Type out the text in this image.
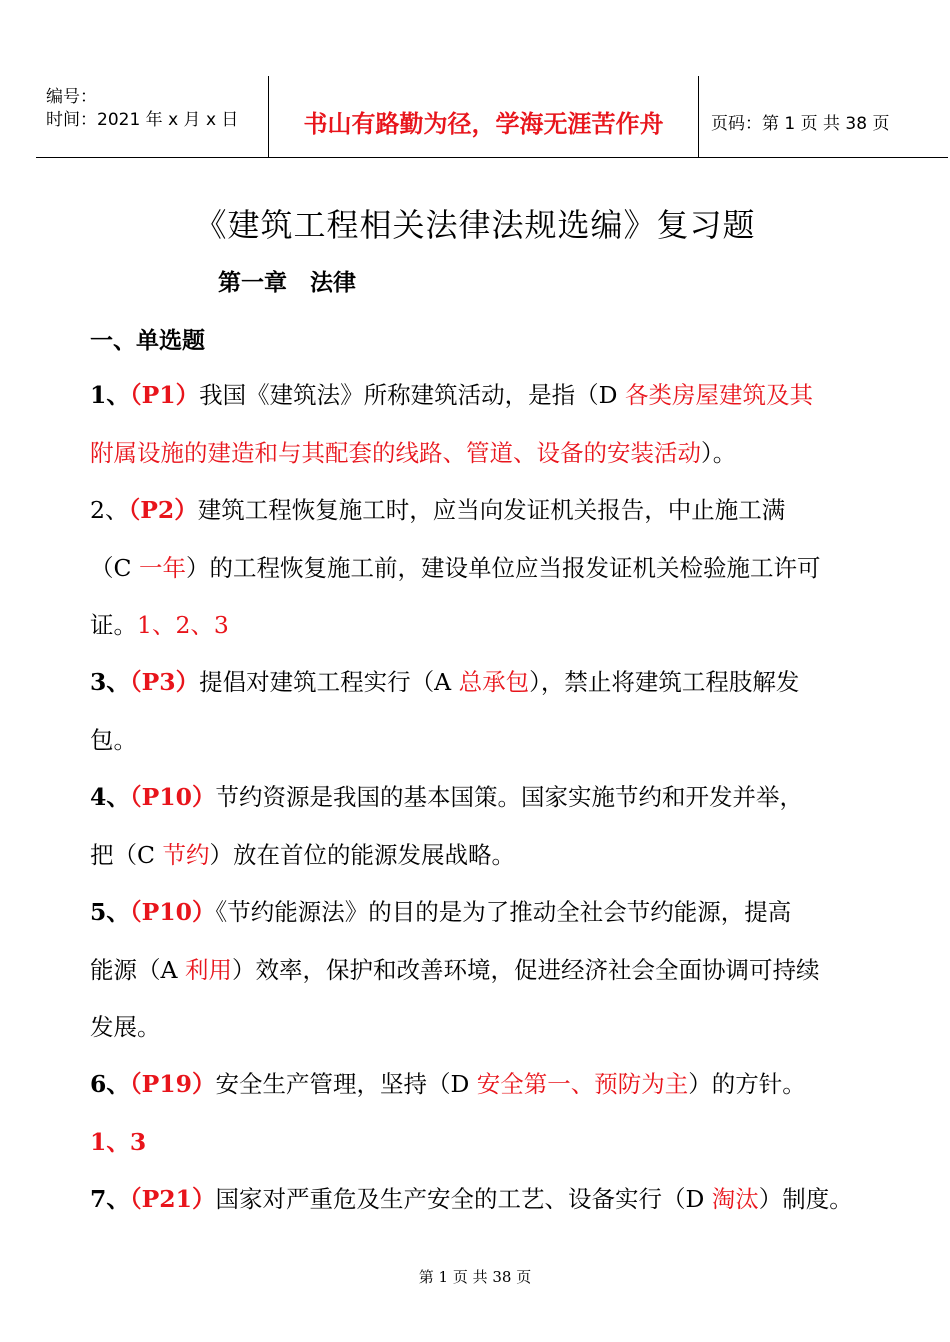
编号：
时间：2021 年 x 月 x 日	书山有路勤为径，学海无涯苦作舟	页码：第 1 页 共 38 页
《建筑工程相关法律法规选编》复习题
第一章　法律
一、单选题
1、（P1）我国《建筑法》所称建筑活动，是指（D 各类房屋建筑及其
附属设施的建造和与其配套的线路、管道、设备的安装活动）。
2、（P2）建筑工程恢复施工时，应当向发证机关报告，中止施工满
（C 一年）的工程恢复施工前，建设单位应当报发证机关检验施工许可
证。1、2、3
3、（P3）提倡对建筑工程实行（A 总承包），禁止将建筑工程肢解发
包。
4、（P10）节约资源是我国的基本国策。国家实施节约和开发并举，
把（C 节约）放在首位的能源发展战略。
5、（P10）《节约能源法》的目的是为了推动全社会节约能源，提高
能源（A 利用）效率，保护和改善环境，促进经济社会全面协调可持续
发展。
6、（P19）安全生产管理，坚持（D 安全第一、预防为主）的方针。
1、3
7、（P21）国家对严重危及生产安全的工艺、设备实行（D 淘汰）制度。
第 1 页 共 38 页
